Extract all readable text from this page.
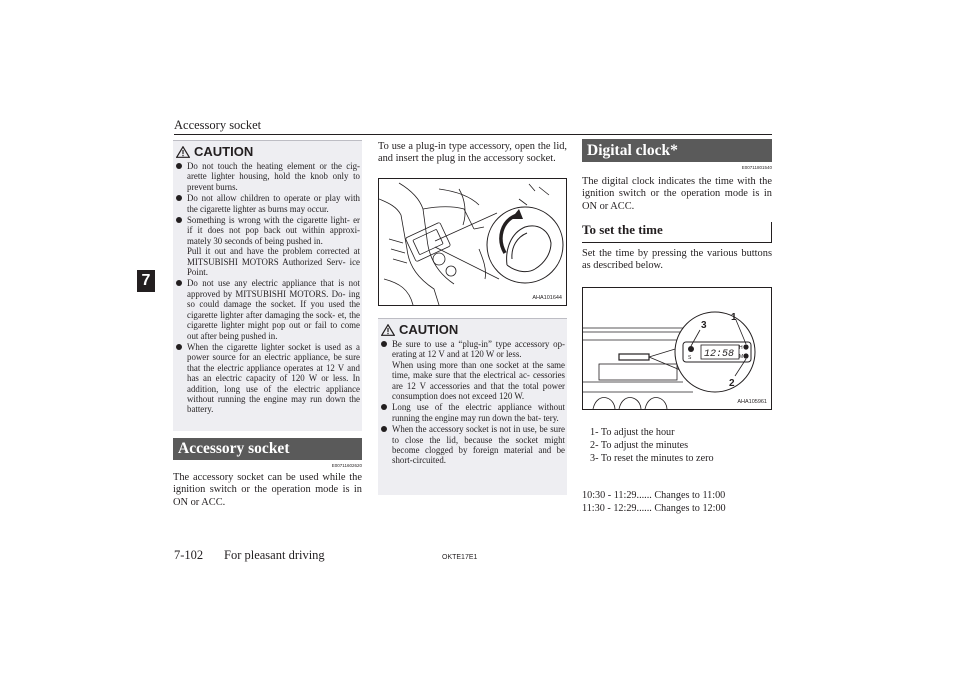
Accessory socket
7
CAUTION
Do not touch the heating element or the cig- arette lighter housing, hold the knob only to prevent burns.
Do not allow children to operate or play with the cigarette lighter as burns may occur.
Something is wrong with the cigarette light- er if it does not pop back out within approxi- mately 30 seconds of being pushed in.
Pull it out and have the problem corrected at MITSUBISHI MOTORS Authorized Serv- ice Point.
Do not use any electric appliance that is not approved by MITSUBISHI MOTORS. Do- ing so could damage the socket. If you used the cigarette lighter after damaging the sock- et, the cigarette lighter might pop out or fail to come out after being pushed in.
When the cigarette lighter socket is used as a power source for an electric appliance, be sure that the electric appliance operates at 12 V and has an electric capacity of 120 W or less. In addition, long use of the electric appliance without running the engine may run down the battery.
Accessory socket
E00711602620
The accessory socket can be used while the ignition switch or the operation mode is in ON or ACC.
To use a plug-in type accessory, open the lid, and insert the plug in the accessory socket.
AHA101644
CAUTION
Be sure to use a “plug-in” type accessory op- erating at 12 V and at 120 W or less.
When using more than one socket at the same time, make sure that the electrical ac- cessories are 12 V accessories and that the total power consumption does not exceed 120 W.
Long use of the electric appliance without running the engine may run down the bat- tery.
When the accessory socket is not in use, be sure to close the lid, because the socket might become clogged by foreign material and be short-circuited.
Digital clock*
E00711801540
The digital clock indicates the time with the ignition switch or the operation mode is in ON or ACC.
To set the time
Set the time by pressing the various buttons as described below.
12:58
S
H
M
3
1
2
AHA105961
1- To adjust the hour
2- To adjust the minutes
3- To reset the minutes to zero
10:30 - 11:29...... Changes to 11:00
11:30 - 12:29...... Changes to 12:00
7-102 For pleasant driving	OKTE17E1
